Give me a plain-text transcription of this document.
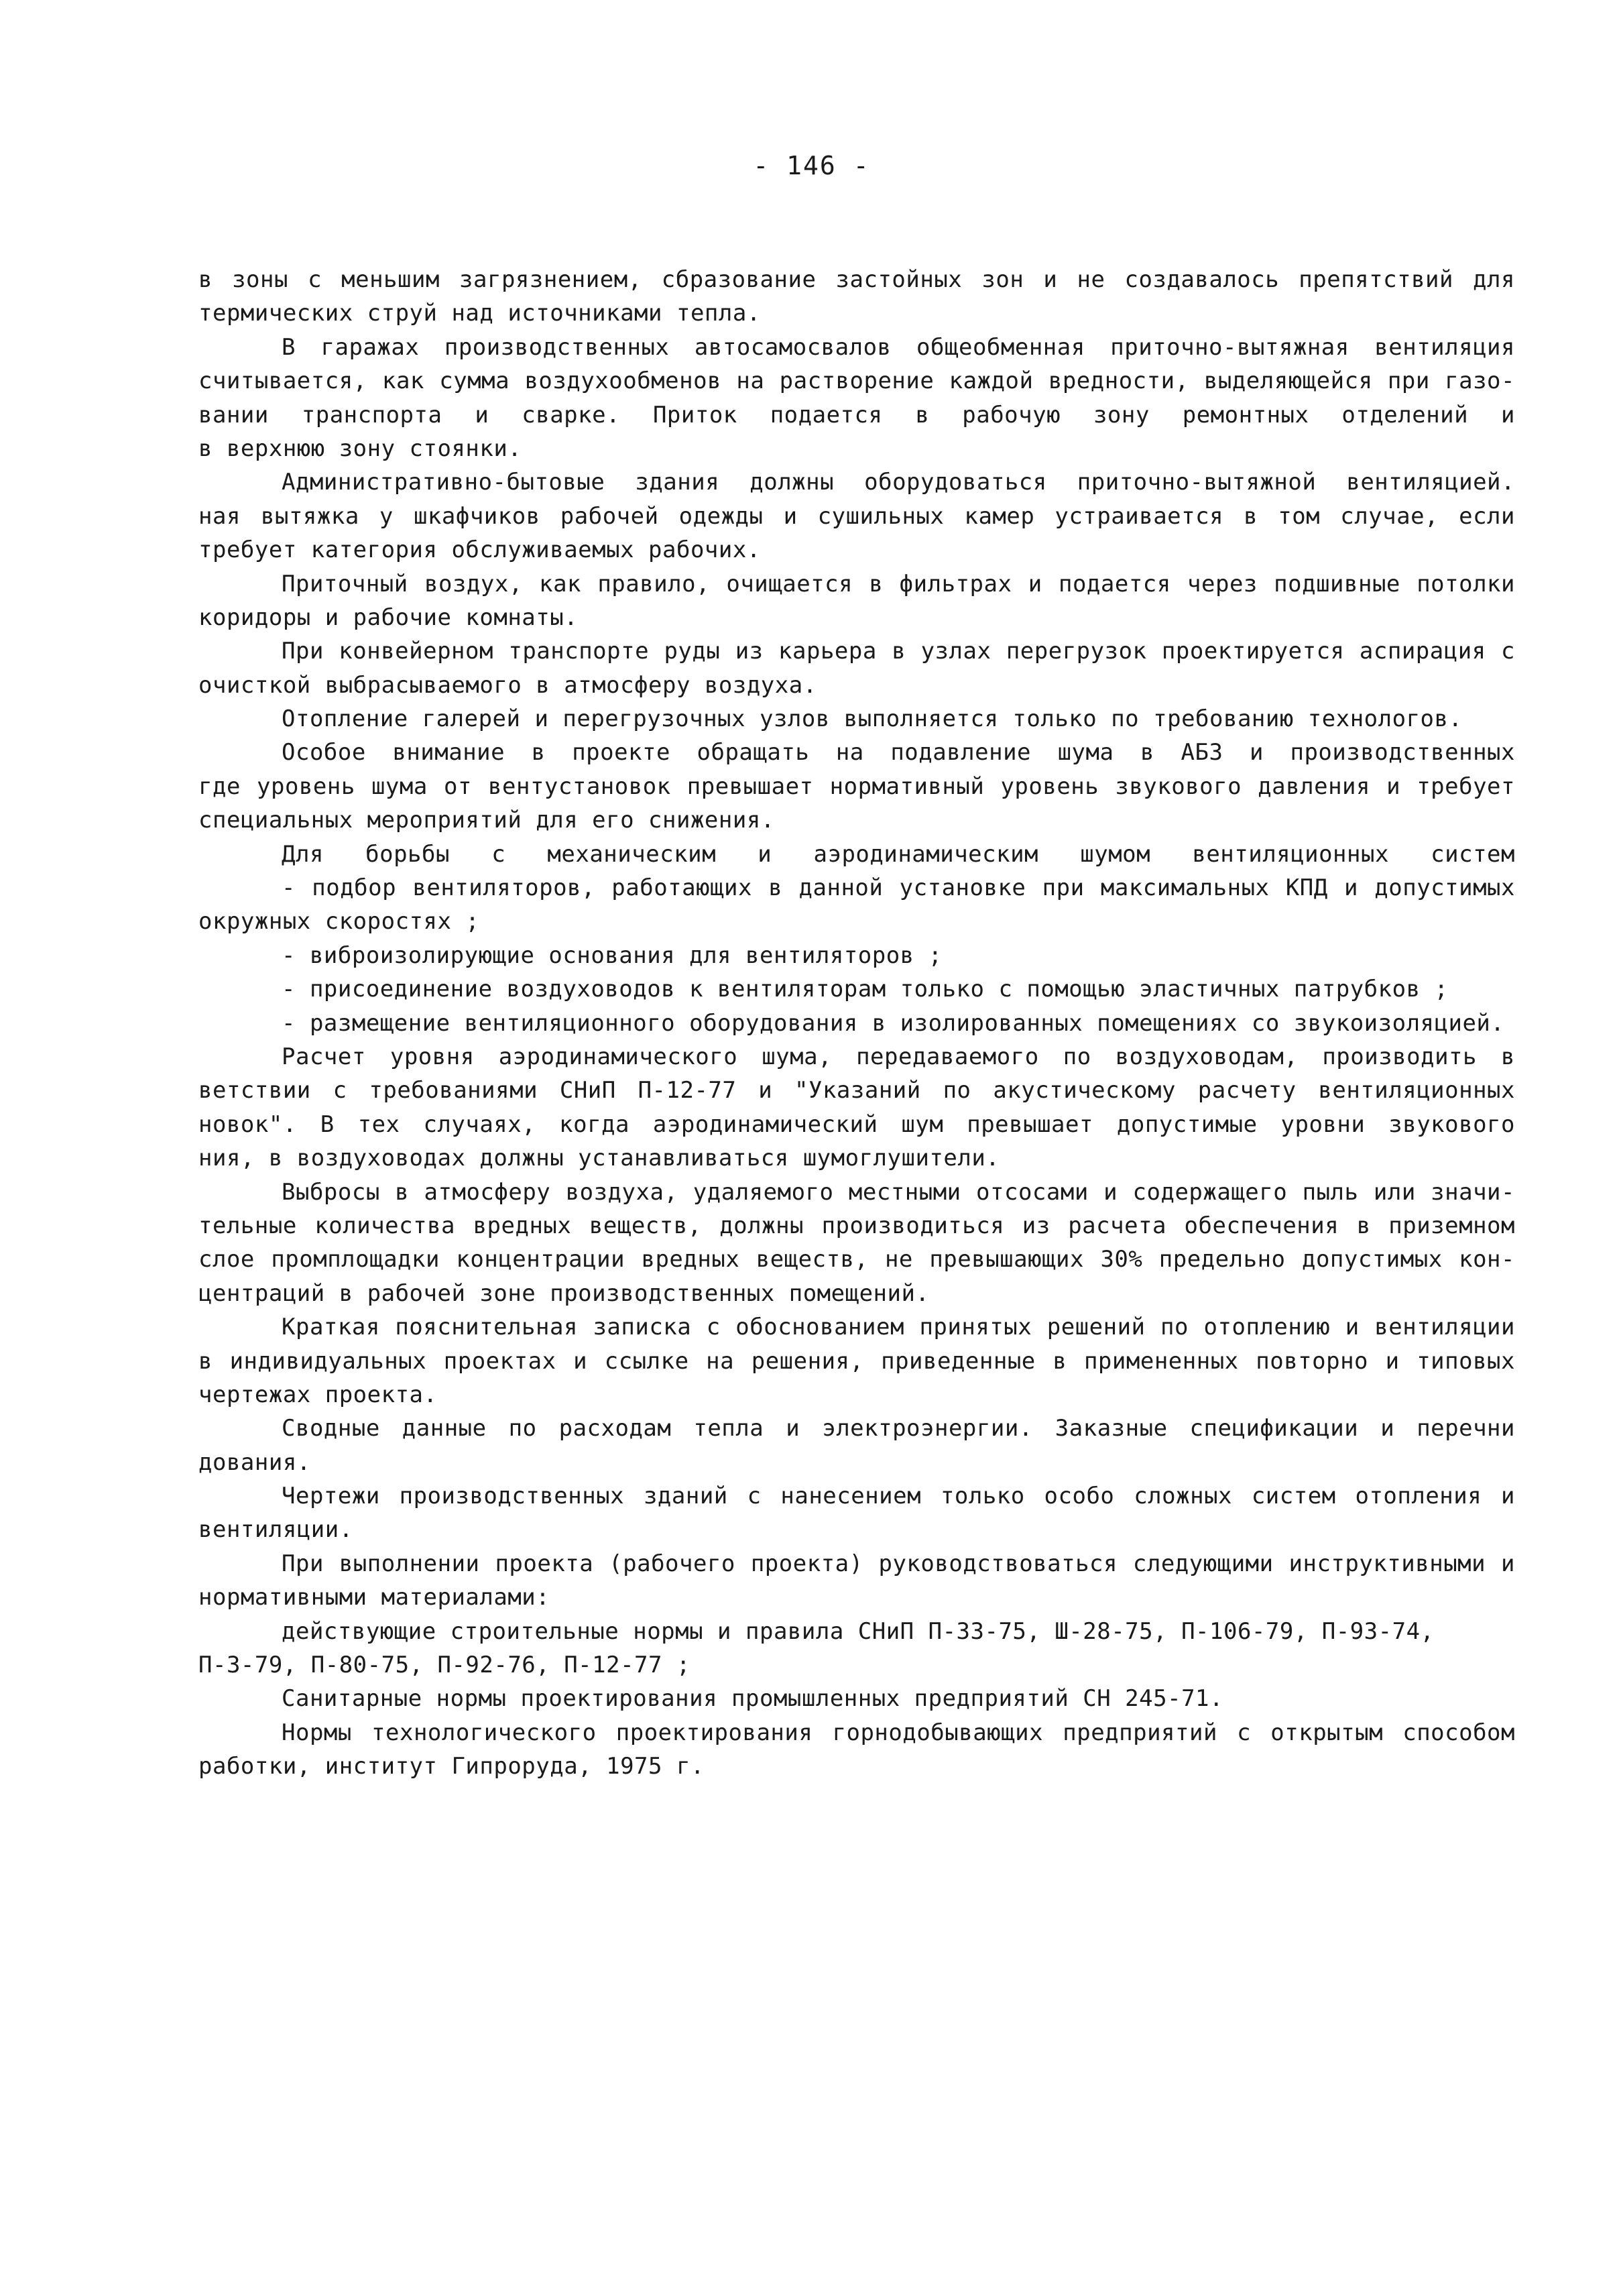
- 146 -
в зоны с меньшим загрязнением, сбразование застойных зон и не создавалось препятствий для
термических струй над источниками тепла.
В гаражах производственных автосамосвалов общеобменная приточно-вытяжная вентиляция
считывается, как сумма воздухообменов на растворение каждой вредности, выделяющейся при газо-
вании транспорта и сварке. Приток подается в рабочую зону ремонтных отделений и
в верхнюю зону стоянки.
Административно-бытовые здания должны оборудоваться приточно-вытяжной вентиляцией.
ная вытяжка у шкафчиков рабочей одежды и сушильных камер устраивается в том случае, если
требует категория обслуживаемых рабочих.
Приточный воздух, как правило, очищается в фильтрах и подается через подшивные потолки
коридоры и рабочие комнаты.
При конвейерном транспорте руды из карьера в узлах перегрузок проектируется аспирация с
очисткой выбрасываемого в атмосферу воздуха.
Отопление галерей и перегрузочных узлов выполняется только по требованию технологов.
Особое внимание в проекте обращать на подавление шума в АБЗ и производственных
где уровень шума от вентустановок превышает нормативный уровень звукового давления и требует
специальных мероприятий для его снижения.
Для борьбы с механическим и аэродинамическим шумом вентиляционных систем
- подбор вентиляторов, работающих в данной установке при максимальных КПД и допустимых
окружных скоростях ;
- виброизолирующие основания для вентиляторов ;
- присоединение воздуховодов к вентиляторам только с помощью эластичных патрубков ;
- размещение вентиляционного оборудования в изолированных помещениях со звукоизоляцией.
Расчет уровня аэродинамического шума, передаваемого по воздуховодам, производить в
ветствии с требованиями СНиП П-12-77 и "Указаний по акустическому расчету вентиляционных
новок". В тех случаях, когда аэродинамический шум превышает допустимые уровни звукового
ния, в воздуховодах должны устанавливаться шумоглушители.
Выбросы в атмосферу воздуха, удаляемого местными отсосами и содержащего пыль или значи-
тельные количества вредных веществ, должны производиться из расчета обеспечения в приземном
слое промплощадки концентрации вредных веществ, не превышающих 30% предельно допустимых кон-
центраций в рабочей зоне производственных помещений.
Краткая пояснительная записка с обоснованием принятых решений по отоплению и вентиляции
в индивидуальных проектах и ссылке на решения, приведенные в примененных повторно и типовых
чертежах проекта.
Сводные данные по расходам тепла и электроэнергии. Заказные спецификации и перечни
дования.
Чертежи производственных зданий с нанесением только особо сложных систем отопления и
вентиляции.
При выполнении проекта (рабочего проекта) руководствоваться следующими инструктивными и
нормативными материалами:
действующие строительные нормы и правила СНиП П-33-75, Ш-28-75, П-106-79, П-93-74,
П-3-79, П-80-75, П-92-76, П-12-77 ;
Санитарные нормы проектирования промышленных предприятий СН 245-71.
Нормы технологического проектирования горнодобывающих предприятий с открытым способом
работки, институт Гипроруда, 1975 г.
